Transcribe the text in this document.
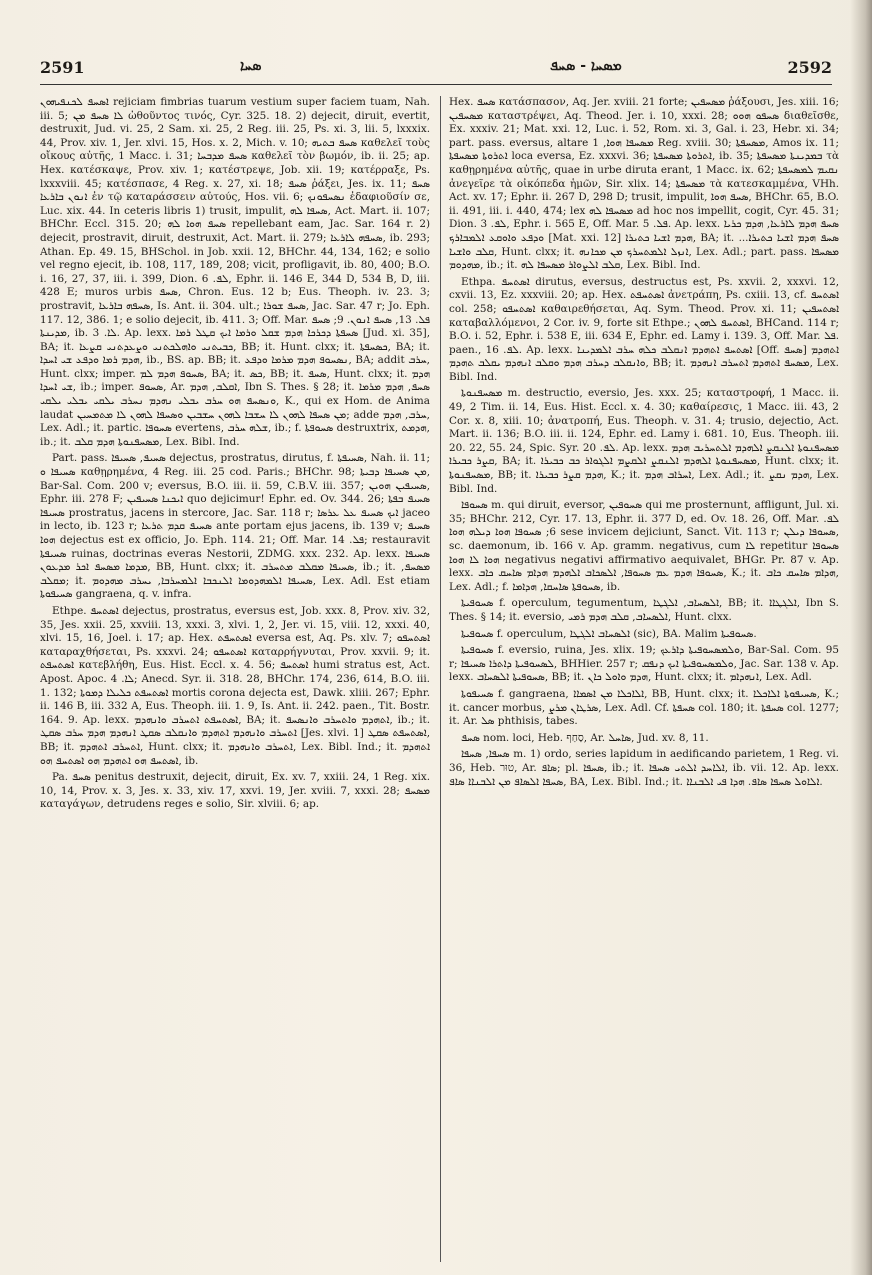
2591	ܣܚܐ	ܡܣܚܐ - ܣܚܦ	2592

ܐܣܚܦ ܠܟܢܦܝܗܘܢ rejiciam fimbrias tuarum vestium super faciem tuam, Nah. iii. 5; ܠܐ ܣܚܦ ܡܢ ὠθοῦντος τινός, Cyr. 325. 18. 2) dejecit, diruit, evertit, destruxit, Jud. vi. 25, 2 Sam. xi. 25, 2 Reg. iii. 25, Ps. xi. 3, lii. 5, lxxxix. 44, Prov. xiv. 1, Jer. xlvi. 15, Hos. x. 2, Mich. v. 10; ܣܚܦ ܒܬܝܗ καθελεῖ τοὺς οἴκους αὐτῆς, 1 Macc. i. 31; ܣܚܦ ܡܕܒܚܐ καθελεῖ τὸν βωμόν, ib. ii. 25; ap. Hex. κατέσκαψε, Prov. xiv. 1; κατέστρεψε, Job. xii. 19; κατέρραξε, Ps. lxxxviii. 45; κατέσπασε, 4 Reg. x. 27, xi. 18; ܣܚܦ ῥάξει, Jes. ix. 11; ܣܚܦ ܐܢܘܢ ܒܐܪܥܐ ἐν τῷ καταράσσειν αὐτούς, Hos. vii. 6; ܢܣܚܦܘܢܟ ἐδαφιοῦσίν σε, Luc. xix. 44. In ceteris libris 1) trusit, impulit, ܣܚܦܐ ܠܗ, Act. Mart. ii. 107; BHChr. Eccl. 315. 20; ܣܚܦ ܗܘܐ ܠܗ repellebant eam, Jac. Sar. 164 r. 2) dejecit, prostravit, diruit, destruxit, Act. Mart. ii. 279; ܣܚܦܗ ܠܐܪܥܐ, ib. 293; Athan. Ep. 49. 15, BHSchol. in Job. xxii. 12, BHChr. 44, 134, 162; e solio vel regno ejecit, ib. 108, 117, 189, 208; vicit, profligavit, ib. 80, 400; B.O. i. 16, 27, 37, iii. i. 399, Dion. ܠܦ. 6, Ephr. ii. 146 E, 344 D, 534 B, D, iii. 428 E; muros urbis ܣܚܦ, Chron. Eus. 12 b; Eus. Theoph. iv. 23. 3; prostravit, ܣܚܦܗ ܒܐܪܥܐ, Is. Ant. ii. 304. ult.; ܣܚܦ ܫܘܪܐ, Jac. Sar. 47 r; Jo. Eph. 117. 12, 386. 1; e solio dejecit, ib. 411. 3; Off. Mar. ܦܠ. 13, ܣܚܦ ܐܢܘܢ. 9; ܣܚܦ ܡܕܝܢܬܐ, ib. ܠܐ. 3. Ap. lexx. ܣܚܦܬܐ ܕܟܪܟܐ ܗܕܡ ܫܩܠ ܘܪܡܐ ܐܝܟ ܩܛܠ ܪܡܐ [Jud. xi. 35], BA; it. ܟܒܝܬܢܝ ܘܐܗܠܟܬܢܝ ܘܨܥܕܬܢܝ ܩܨܥܐ, BB; it. Hunt. clxx; it. ܟܣܚܦܬܐ, BA; it. ܗܕܡ ܪܡܐ ܘܕܦܥ ܫܝ ܐܚܕܐ, ib., BS. ap. BB; it. ܢܣܚܘܦ ܗܕܡ ܡܪܡܐ ܘܕܦܥ, BA; addit ܚܪܒ, Hunt. clxx; imper. ܣܚܘܦ ܗܕܡ ܠܡ, BA; it. ܟܣ, BB; it. ܣܚܦ, Hunt. clxx; it. ܗܕܡ ܫܝ ܐܚܕܐ, ib.; imper. ܣܚܘܦ, Ar. ܐܩܠܒ, ܗܕܡ, Ibn S. Thes. § 28; it. ܣܚܦ, ܗܕܡ ܡܪܡܐ ܘܢܣܚܦ ܗܘ ܚܪܒ ܝܒܠܝ ܢܗܕܡ ܢܚܪܒ ܝܠܩܝ ܝܒܠܝ ܝܠܩܝ, K., qui ex Hom. de Anima laudat ܡܢ ܣܚܦܐ ܠܗܘܢ ܠܐ ܚܫܒܐ ܠܗܘܢ ܚܫܒܝܢ ܘܣܚܦܐ ܠܗܘܢ ܠܐ ܡܬܡܚܝܢ; adde ܚܪܒ, ܗܕܡ, Lex. Adl.; it. partic. ܣܚܘܦܐ evertens, ܫܠܗ ܚܪܒ, ib.; f. ܣܚܘܦܬܐ destruxtrix, ܗܕܡܬ, ib.; it. ܡܣܚܦܢܘܬܐ ܗܕܡ ܩܠܒ, Lex. Bibl. Ind.

Part. pass. ܣܚܝܦ, ܣܚܝܦܐ dejectus, prostratus, dirutus, f. ܣܚܝܦܬܐ, Nah. ii. 11; ܣܚܝܦܐ ܘ καθῃρημένα, 4 Reg. iii. 25 cod. Paris.; BHChr. 98; ܡܢ ܣܚܝܦܐ ܕܒܝܬܐ, Bar-Sal. Com. 200 v; eversus, B.O. iii. ii. 59, C.B.V. iii. 357; ܣܚܝܦܝܢ ܗܘܝܢ, Ephr. iii. 278 F; ܐܝܟܢܐ ܣܚܝܦܝܢ quo dejicimur! Ephr. ed. Ov. 344. 26; ܣܚܝܦ ܒܦܬܐ ܣܚܝܦܐ prostratus, jacens in stercore, Jac. Sar. 118 r; ܐܝܟ ܣܚܝܦ ܥܠ ܥܪܣܐ jaceo in lecto, ib. 123 r; ܣܚܝܦ ܩܕܡ ܬܪܥܐ ante portam ejus jacens, ib. 139 v; ܣܚܝܦ ܗܘܐ dejectus est ex officio, Jo. Eph. 114. 21; Off. Mar. ܦܠ. 14; restauravit ܣܚܝܦܬܐ ruinas, doctrinas everas Nestorii, ZDMG. xxx. 232. Ap. lexx. ܣܚܝܦܐ ܡܕܡܐ ܡܣܚܦ ܐܟܪ ܡܕܥܘܢ, BB, Hunt. clxx; it. ܣܚܝܦܐ ܡܩܠܒ ܡܬܚܪܒ, ib.; it. ܡܣܚܦ, ܡܩܠܒ; it. ܣܚܝܦܐ ܐܠܡܗܕܘܡܐ ܐܠܢܟܒܐ ܐܠܡܚܪܒܐ, ܝܚܪܒ ܡܗܕܘܡ, Lex. Adl. Est etiam ܣܚܝܦܘܬܐ gangraena, q. v. infra.

Ethpe. ܐܣܬܚܦ dejectus, prostratus, eversus est, Job. xxx. 8, Prov. xiv. 32, 35, Jes. xxii. 25, xxviii. 13, xxxi. 3, xlvi. 1, 2, Jer. vi. 15, viii. 12, xxxi. 40, xlvi. 15, 16, Joel. i. 17; ap. Hex. ܐܣܬܚܦܬ eversa est, Aq. Ps. xlv. 7; ܐܣܬܚܦܘ καταραχθήσεται, Ps. xxxvi. 24; ܐܣܬܚܦܘ καταρρήγνυται, Prov. xxvii. 9; it. ܐܣܬܚܦܬ κατεβλήθη, Eus. Hist. Eccl. x. 4. 56; ܐܣܬܚܦ humi stratus est, Act. Apost. Apoc. ܠܐ. 4; Anecd. Syr. ii. 318. 28, BHChr. 174, 236, 614, B.O. iii. 1. 132; ܐܣܬܚܦܬ ܟܠܝܠܐ ܕܡܘܬܐ mortis corona dejecta est, Dawk. xliii. 267; Ephr. ii. 146 B, iii. 332 A, Eus. Theoph. iii. 1. 9, Is. Ant. ii. 242. paen., Tit. Bostr. 164. 9. Ap. lexx. ܐܣܬܚܦܬ ܐܬܚܪܒ ܘܐܢܗܕܡ, BA; it. ܐܬܗܕܡ ܘܐܬܚܪܒ ܘܐܢܣܚܦ, ib.; it. ܐܬܚܪܒ ܘܐܢܗܕܡ ܐܬܗܕܡ ܘܐܢܩܠܒ ܣܩܛ ܐܢܗܕܡ ܗܕܡ ܚܪܒ ܣܩܛ [Jes. xlvi. 1] ܐܣܬܚܦܬ ܣܩܛ, BB; it. ܐܬܚܪܒ ܐܬܗܕܡ, Hunt. clxx; it. ܐܬܚܪܒ ܘܐܢܗܕܡ, Lex. Bibl. Ind.; it. ܐܬܗܕܡ ܐܣܬܚܦ ܗܘ ܐܬܗܕܡ ܗܘ ܐܣܬܚܦ ܗܘ, ib.

Pa. ܣܚܦ penitus destruxit, dejecit, diruit, Ex. xv. 7, xxiii. 24, 1 Reg. xix. 10, 14, Prov. x. 3, Jes. x. 33, xiv. 17, xxvi. 19, Jer. xviii. 7, xxxi. 28; ܡܣܚܦ καταγάγων, detrudens reges e solio, Sir. xlviii. 6; ap.

Hex. ܣܚܦ κατάσπασον, Aq. Jer. xviii. 21 forte; ܡܣܚܦܝܢ ῥάξουσι, Jes. xiii. 16; ܡܣܚܦܝܢ καταστρέψει, Aq. Theod. Jer. i. 10, xxxi. 28; ܣܚܦܘ ܗܘܘ διαθεῖσθε, Ex. xxxiv. 21; Mat. xxi. 12, Luc. i. 52, Rom. xi. 3, Gal. i. 23, Hebr. xi. 34; part. pass. eversus, altare ܡܣܚܦܐ ܗܘܐ, 1 Reg. xviii. 30; ܡܣܚܦܬܐ, Amos ix. 11; ܐܬܪܘܬܐ ܡܣܚܦܬܐ loca eversa, Ez. xxxvi. 36; ܐܬܪܘܬܐ ܡܣܚܦܬܐ, ib. 35; ܒܡܕܝܢܬܐ ܡܣܚܦܬܐ τὰ καθῃρημένα αὐτῆς, quae in urbe diruta erant, 1 Macc. ix. 62; ܢܩܝܡ ܠܡܣܚܦܬܐ ἀνεγεῖρε τὰ οἰκόπεδα ἡμῶν, Sir. xlix. 14; ܡܣܚܦܬܐ τὰ κατεσκαμμένα, VHh. Act. xv. 17; Ephr. ii. 267 D, 298 D; trusit, impulit, ܣܚܦ ܗܘܐ, BHChr. 65, B.O. ii. 491, iii. i. 440, 474; lex ܡܣܚܦܐ ܠܗ ad hoc nos impellit, cogit, Cyr. 45. 31; Dion. ܠܦ. 3, Ephr. i. 565 E, Off. Mar. ܦܠ. 5. Ap. lexx. ܣܚܦ ܗܕܡ ܠܐܪܥܐ, ܗܕܡ ܟܪܝܐ ܘܕܦܥ ܘܐܘܩܥ ܐܠܡܒܐܪܟ [Mat. xxi. 12] ܗܕܡ ܐܫܝܐ ܟܬܝܪܐ, BA; it. ܣܚܦ ܗܕܡ ܐܫܝܐ ܟܬܝܪܐ... ܩܠܒ ܘܐܫܝܐ, Hunt. clxx; it. ܐܢܙܠ ܐܠܡܬܚܪܟ ܡܢ ܡܟܐܢܗ, Lex. Adl.; part. pass. ܡܣܚܦܐ ܡܗܕܘܡ, ib.; it. ܩܠܒ ܐܠܨܘܐܪ ܡܣܚܦܐ ܠܗ, Lex. Bibl. Ind.

Ethpa. ܐܣܬܚܦ dirutus, eversus, destructus est, Ps. xxvii. 2, xxxvi. 12, cxvii. 13, Ez. xxxviii. 20; ap. Hex. ܐܣܬܚܦܬ ἀνετράπη, Ps. cxiii. 13, cf. ܐܣܬܚܦ col. 258; ܐܣܬܚܦܘ καθαιρεθήσεται, Aq. Sym. Theod. Prov. xi. 11; ܐܣܬܚܦܝܢ καταβαλλόμενοι, 2 Cor. iv. 9, forte sit Ethpe.; ܐܣܬܚܦ ܠܗܘܢ, BHCand. 114 r; B.O. i. 52, Ephr. i. 538 E, iii. 634 E, Ephr. ed. Lamy i. 139. 3, Off. Mar. ܦܠ. paen., ܠܦ. 16. Ap. lexx. ܐܣܬܚܦ ܐܬܗܕܡ ܐܢܩܠܒ ܟܠܗ ܚܪܒ ܐܠܡܕܝܢܐ [Off. ܣܚܦ] ܐܬܗܕܡ ܘܐܢܩܠܒ ܕܚܪܒ ܗܕܡ ܘܩܠܒ ܐܢܗܕܡ ܝܩܠܒ ܬܗܕܡ, BB; it. ܡܣܚܦ ܐܬܗܕܡ ܐܬܚܪܒ ܐܢܗܕܡ, Lex. Bibl. Ind.

ܡܣܚܦܢܘܬܐ m. destructio, eversio, Jes. xxx. 25; καταστροφή, 1 Macc. ii. 49, 2 Tim. ii. 14, Eus. Hist. Eccl. x. 4. 30; καθαίρεσις, 1 Macc. iii. 43, 2 Cor. x. 8, xiii. 10; ἀνατροπή, Eus. Theoph. v. 31. 4; trusio, dejectio, Act. Mart. ii. 136; B.O. iii. ii. 124, Ephr. ed. Lamy i. 681. 10, Eus. Theoph. iii. 20. 22, 55. 24, Spic. Syr. ܠܦ. 20. Ap. lexx. ܡܣܚܦܢܘܬܐ ܐܠܢܩܨ ܐܠܗܕܡ ܐܠܬܚܪܝܒ ܗܕܡ ܩܨܪ ܟܒܝܪܐ, BA; it. ܡܣܚܦܢܘܬܐ ܐܠܗܕܡ ܐܠܢܩܨ ܐܠܩܨܡ ܐܠܓܘܐܪ ܟܒ ܟܒܝܪܐ, Hunt. clxx; it. ܡܣܚܦܢܘܬܐ, BB; it. ܗܕܡ ܩܨܪ ܟܒܝܪܐ, K.; it. ܐܚܪܐܒ ܗܕܡ, Lex. Adl.; it. ܗܕܡ ܢܩܨ, Lex. Bibl. Ind.

ܣܚܘܦܐ m. qui diruit, eversor, ܣܚܘܦܝܢ qui me prosternunt, affligunt, Jul. xi. 35; BHChr. 212, Cyr. 17. 13, Ephr. ii. 377 D, ed. Ov. 18. 26, Off. Mar. ܠܦ. 6; ܣܚܘܦܐ ܗܘܐ ܕܝܠܗ ܗܘܐ sese invicem dejiciunt, Sanct. Vit. 113 r; ܣܚܘܦܐ ܕܝܠܢ, sc. daemonum, ib. 166 v. Ap. gramm. negativus, cum ܠܐ repetitur ܣܚܘܦܐ ܗܘܐ ܠܐ ܗܘܐ negativus negativi affirmativo aequivalet, BHGr. Pr. 87 v. Ap. lexx. ܣܚܘܦܐ ܗܕܡ ܥܡ ܣܚܘܦܐ, ܐܠܣܟܐܒ ܐܠܗܕܡ ܗܕܐܡ ܣܐܚܩ ܟܐܒ, K.; it. ܗܕܐܡ ܣܐܚܩ ܟܐܒ, Lex. Adl.; f. ܣܚܘܦܬܐ ܣܐܚܩܐ, ܗܕܐܡܐ, ib.

ܣܚܘܦܝܬܐ f. operculum, tegumentum, ܐܠܣܚܐܒ, ܐܠܓܛܐ, BB; it. ܐܠܓܛܐܐ, Ibn S. Thes. § 14; it. eversio, ܐܠܣܚܐܒ, ܩܠܒ ܗܕܡ ܪܡܝ, Hunt. clxx.

ܣܚܘܦܝܬܐ f. operculum, ܐܠܣܚܐܒ ܐܠܓܛܐ (sic), BA. Malim ܣܚܘܦܝܬܐ.

ܣܚܘܦܝܬܐ f. eversio, ruina, Jes. xlix. 19; ܘܠܡܣܚܘܦܝܬܐ ܕܐܪܥܟ, Bar-Sal. Com. 95 r; ܠܣܚܘܦܝܬܐ ܕܐܬܪܐ ܣܚܝܦܐ, BHHier. 257 r; ܘܠܡܣܚܘܦܝܬܐ ܐܝܟ ܕܢܦܩ, Jac. Sar. 138 v. Ap. lexx. ܣܚܘܦܝܬܐ ܐܠܣܚܐܒ, BB; it. ܗܕܡ ܘܐܘܠ ܟܐܢ, Hunt. clxx; it. ܐܢܗܕܐܡ, Lex. Adl.

ܣܚܝܦܘܬܐ f. gangraena, ܐܠܐܟܠܐ ܡܢ ܐܣܡܐܐ, BB, Hunt. clxx; it. ܣܚܝܦܘܬܐ ܐܠܐܟܠܐ, K.; it. cancer morbus, ܣܪܛܐܢ ܡܪܨ, Lex. Adl. Cf. ܣܚܦܬܐ col. 180; it. ܣܚܦܬܐ col. 1277; it. Ar. ܣܠ phthisis, tabes.

ܣܚܦ nom. loci, Heb. סַחַף, Ar. ܣܐܚܠ, Jud. xv. 8, 11.

ܣܚܦܐ, ܣܚܦܐ m. 1) ordo, series lapidum in aedificando parietem, 1 Reg. vi. 36, Heb. טוּר, Ar. ܣܐܦ; pl. ܣܚܦܐ, ib.; it. ܐܠܐܚܕ ܐܠܬܝ ܣܚܦܐ, ib. vii. 12. Ap. lexx. ܣܚܦܐ ܐܠܣܐܦ ܡܢ ܐܠܒܢܐܐ ܣܐܦ, BA, Lex. Bibl. Ind.; it. ܐܠܐܘܠ ܣܚܦܐ ܣܐܦ. ܗܕܐ ܦܝ ܐܠܒܢܐܐ.
